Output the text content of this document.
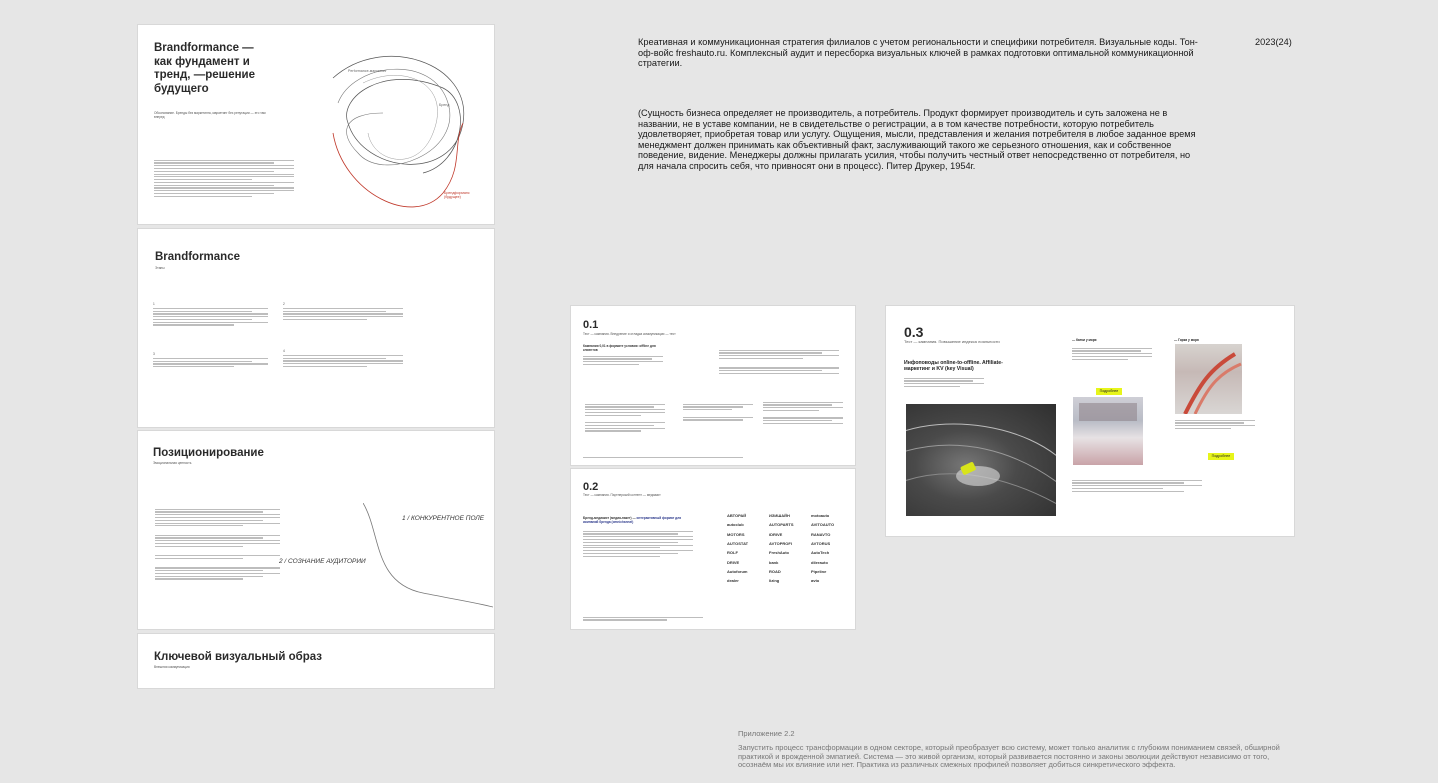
Креативная и коммуникационная стратегия филиалов с учетом региональности и специфики потребителя. Визуальные коды. Тон-оф-войс freshauto.ru. Комплексный аудит и пересборка визуальных ключей в рамках подготовки оптимальной коммуникационной стратегии.
2023(24)
(Сущность бизнеса определяет не производитель, а потребитель. Продукт формирует производитель и суть заложена не в названии, не в уставе компании, не в свидетельстве о регистрации, а в том качестве потребности, которую потребитель удовлетворяет, приобретая товар или услугу. Ощущения, мысли, представления и желания потребителя в любое заданное время менеджмент должен принимать как объективный факт, заслуживающий такого же серьезного отношения, как и собственное поведение, видение. Менеджеры должны прилагать усилия, чтобы получить честный ответ непосредственно от потребителя, но для начала спросить себя, что привносят они в процесс). Питер Друкер, 1954г.
Brandformance — как фундамент и тренд, —решение будущего
Обоснование. Бренды без маркетинга, маркетинг без репутации — это там вперед
Performance-маркетинг
Бренд
Брендформанс (будущее)
Brandformance
Этапы
1	2
3
4
Позиционирование
Эмоциональная ценность
1 / КОНКУРЕНТНОЕ ПОЛЕ
2 / СОЗНАНИЕ АУДИТОРИИ
Ключевой визуальный образ
Внешняя коммуникация
0.1
Тест — кампания. Внедрение и отладка коммуникации — тест
Кампания 0,01 в формате условия: offline для клиентов
0.2
Тест — кампания. Партнерский контент — медиакит
Бренд-медиакит (медиа-пакет) — интерактивный формат для компаний бренда (omnichannel)
АВТОРАЙ	ИЗИШАЙН	motoauto
autoclub	AUTOPARTS	AVITOAUTO
MOTORS	iDRIVE	RANAVTO
AUTOSTAT	AVTOPROFI	AVTORUS
ROLF	FreshAuto	AutoTech
DRIVE	bank	dilerauto
Autoforum	ROAD	Pipeline
dealer	lizing	avto
0.3
Тест — кампания. Повышение индекса лояльности
Инфоповоды online-to-offline. Affiliate-маркетинг и KV (key Visual)
— Катки у моря
Подробнее
— Горки у моря
Подробнее
Приложение 2.2
Запустить процесс трансформации в одном секторе, который преобразует всю систему, может только аналитик с глубоким пониманием связей, обширной практикой и врожденной эмпатией. Система — это живой организм, который развивается постоянно и законы эволюции действуют независимо от того, осознаём мы их влияние или нет. Практика из различных смежных профилей позволяет добиться синкретического эффекта.
